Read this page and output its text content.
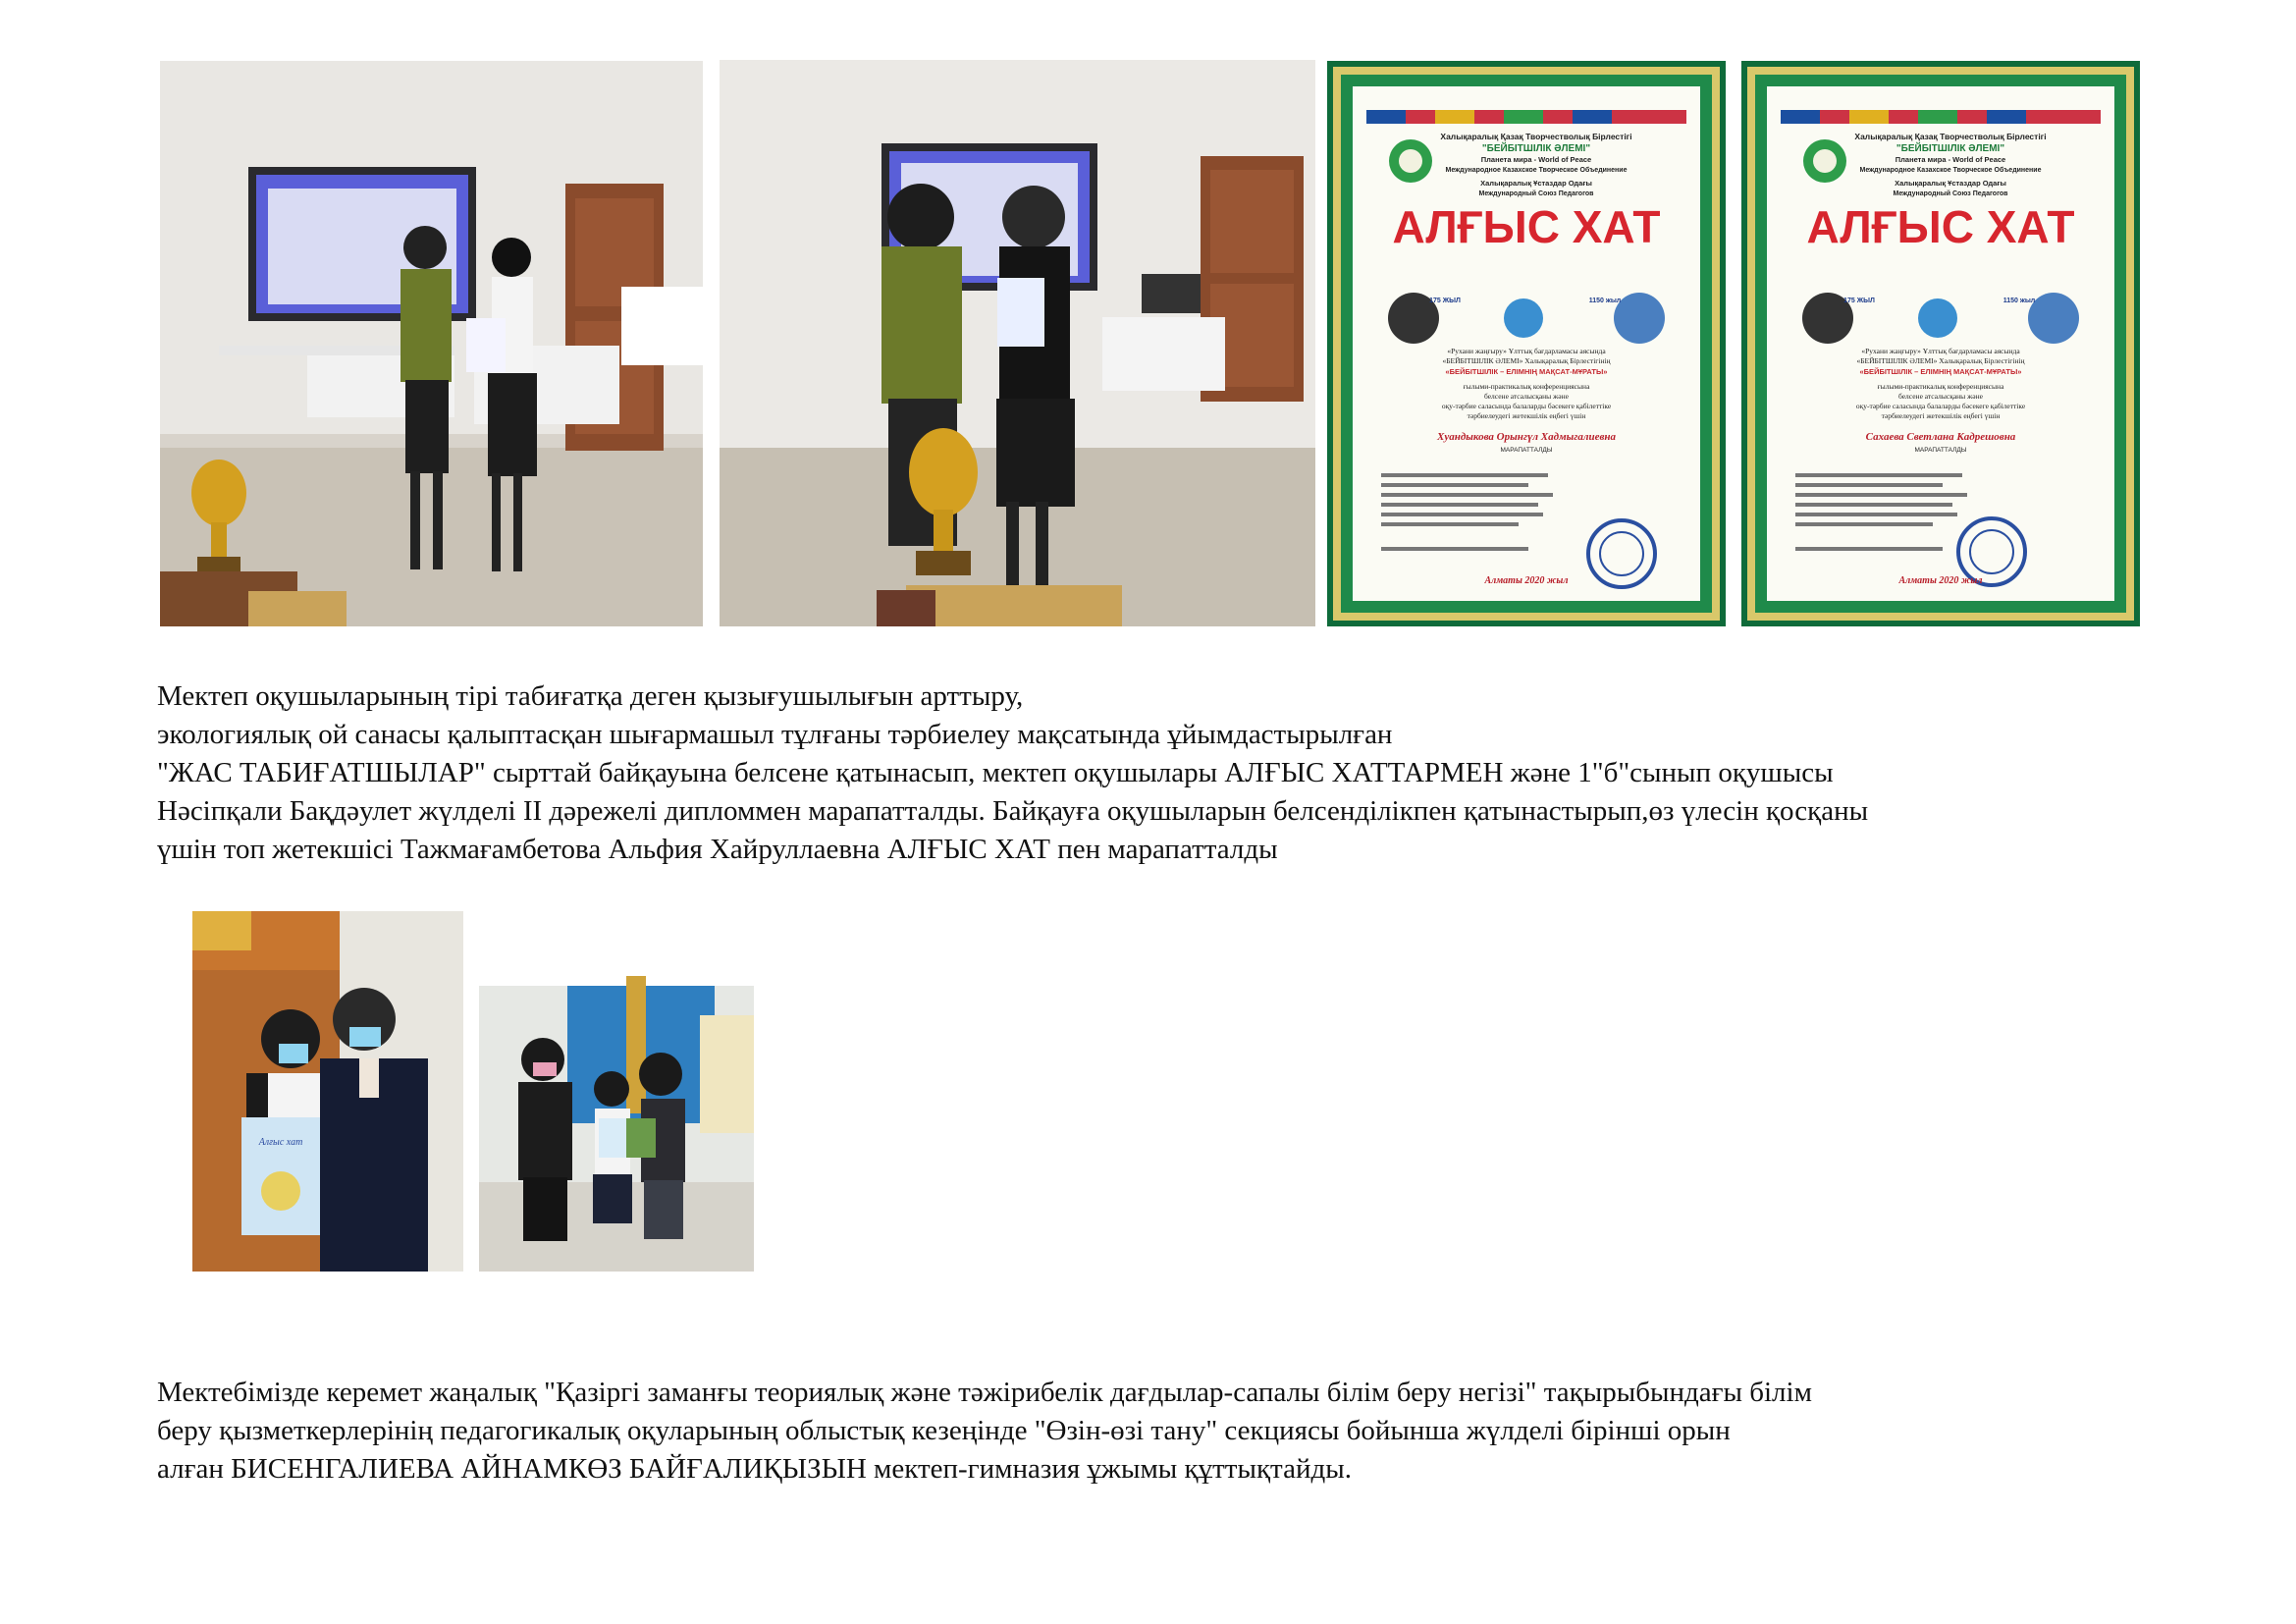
АЛҒЫС ХАТ
Халықаралық Қазақ Творчестволық Бірлестігі
"БЕЙБІТШІЛІК ӘЛЕМІ"
Планета мира - World of Peace
Международное Казахское Творческое Объединение
Халықаралық Ұстаздар Одағы
Международный Союз Педагогов
175 ЖЫЛ	1150 жыл
«Рухани жаңғыру» Ұлттық бағдарламасы аясында
«БЕЙБІТШІЛІК ӘЛЕМІ» Халықаралық Бірлестігінің
«БЕЙБІТШІЛІК – ЕЛІМНІҢ МАҚСАТ-МҰРАТЫ»
ғылыми-практикалық конференциясына
белсене атсалысқаны және
оқу-тәрбие саласында балаларды бәсекеге қабілеттіке
тәрбиелеудегі жетекшілік еңбегі үшін
Хуандыкова Орынгүл Хадмыгалиевна
МАРАПАТТАЛДЫ
Алматы 2020 жыл
АЛҒЫС ХАТ
Халықаралық Қазақ Творчестволық Бірлестігі
"БЕЙБІТШІЛІК ӘЛЕМІ"
Планета мира - World of Peace
Международное Казахское Творческое Объединение
Халықаралық Ұстаздар Одағы
Международный Союз Педагогов
175 ЖЫЛ	1150 жыл
«Рухани жаңғыру» Ұлттық бағдарламасы аясында
«БЕЙБІТШІЛІК ӘЛЕМІ» Халықаралық Бірлестігінің
«БЕЙБІТШІЛІК – ЕЛІМНІҢ МАҚСАТ-МҰРАТЫ»
ғылыми-практикалық конференциясына
белсене атсалысқаны және
оқу-тәрбие саласында балаларды бәсекеге қабілеттіке
тәрбиелеудегі жетекшілік еңбегі үшін
Сахаева Светлана Кадрешовна
МАРАПАТТАЛДЫ
Алматы 2020 жыл

Мектеп оқушыларының тірі табиғатқа деген қызығушылығын арттыру,
экологиялық ой санасы қалыптасқан шығармашыл тұлғаны тәрбиелеу мақсатында ұйымдастырылған
"ЖАС ТАБИҒАТШЫЛАР" сырттай байқауына белсене қатынасып, мектеп оқушылары АЛҒЫС ХАТТАРМЕН және 1"б"сынып оқушысы
Нәсіпқали Бақдәулет жүлделі II дәрежелі дипломмен марапатталды. Байқауға оқушыларын белсенділікпен қатынастырып,өз үлесін қосқаны
үшін топ жетекшісі Тажмағамбетова Альфия Хайруллаевна АЛҒЫС ХАТ пен марапатталды

Алғыс хат

Мектебімізде керемет жаңалық "Қазіргі заманғы теориялық және тәжірибелік дағдылар-сапалы білім беру негізі" тақырыбындағы білім
беру қызметкерлерінің педагогикалық оқуларының облыстық кезеңінде "Өзін-өзі тану" секциясы бойынша жүлделі бірінші орын
алған БИСЕНГАЛИЕВА АЙНАМКӨЗ БАЙҒАЛИҚЫЗЫН мектеп-гимназия ұжымы құттықтайды.
